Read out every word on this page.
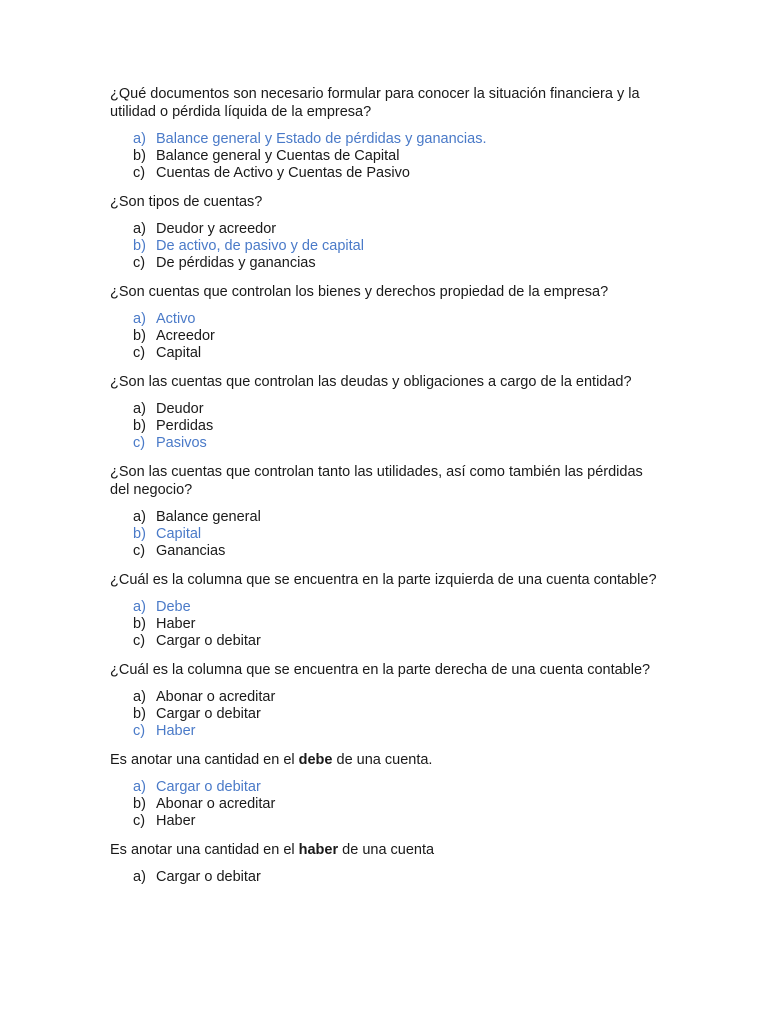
¿Qué documentos son necesario formular para conocer la situación financiera y la utilidad o pérdida líquida de la empresa?

a) Balance general y Estado de pérdidas y ganancias.
b) Balance general y Cuentas de Capital
c) Cuentas de Activo y Cuentas de Pasivo

¿Son tipos de cuentas?

a) Deudor y acreedor
b) De activo, de pasivo y de capital
c) De pérdidas y ganancias

¿Son cuentas que controlan los bienes y derechos propiedad de la empresa?

a) Activo
b) Acreedor
c) Capital

¿Son las cuentas que controlan las deudas y obligaciones a cargo de la entidad?

a) Deudor
b) Perdidas
c) Pasivos

¿Son las cuentas que controlan tanto las utilidades, así como también las pérdidas del negocio?

a) Balance general
b) Capital
c) Ganancias

¿Cuál es la columna que se encuentra en la parte izquierda de una cuenta contable?

a) Debe
b) Haber
c) Cargar o debitar

¿Cuál es la columna que se encuentra en la parte derecha de una cuenta contable?

a) Abonar o acreditar
b) Cargar o debitar
c) Haber

Es anotar una cantidad en el debe de una cuenta.

a) Cargar o debitar
b) Abonar o acreditar
c) Haber

Es anotar una cantidad en el haber de una cuenta

a) Cargar o debitar
